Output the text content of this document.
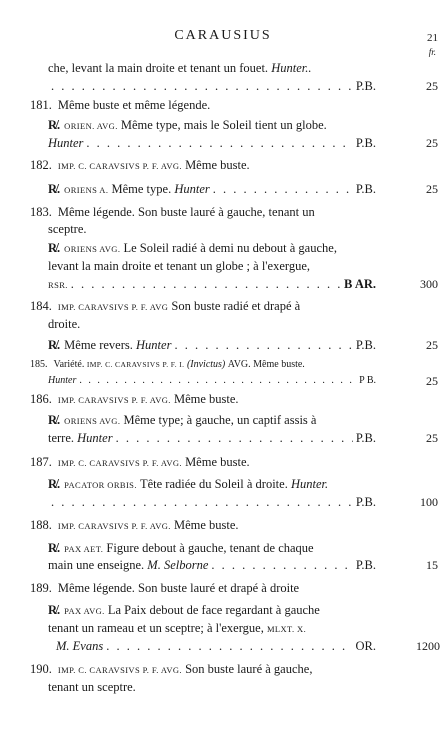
CARAUSIUS	21
fr.
che, levant la main droite et tenant un fouet.
Hunter..
. . .
P.B.	25
181. Même buste et même légende.
R̸. ORIEN. AVG.
Même type, mais le Soleil tient un globe.
Hunter . . .	P.B.	25
182. IMP. C. CARAVSIVS P. F. AVG.
Même buste.
R̸. ORIENS A.
Même type.
Hunter . . .	P.B.	25
183. Même légende. Son buste lauré à gauche, tenant un
sceptre.
R̸. ORIENS AVG.
Le Soleil radié à demi nu debout à gauche,
levant la main droite et tenant un globe ; à l'exergue,
RSR. . . .	B AR.	300
184. IMP. CARAVSIVS P. F. AVG
Son buste radié et drapé à
droite.
R̸. Même revers.
Hunter . . .	P.B.	25
185. Variété.
IMP. C. CARAVSIVS P. F. I.
(Invictus)
AVG. Même buste.
Hunter . . .	P B.	25
186. IMP. CARAVSIVS P. F. AVG.
Même buste.
R̸. ORIENS AVG.
Même type; à gauche, un captif assis à
terre.
Hunter . . .	P.B.	25
187. IMP. C. CARAVSIVS P. F. AVG.
Même buste.
R̸. PACATOR ORBIS.
Tête radiée du Soleil à droite.
Hunter.
. . .
P.B.	100
188. IMP. CARAVSIVS P. F. AVG.
Même buste.
R̸. PAX AET.
Figure debout à gauche, tenant de chaque
main une enseigne.
M. Selborne . . .	P.B.	15
189. Même légende. Son buste lauré et drapé à droite
R̸. PAX AVG.
La Paix debout de face regardant à gauche
tenant un rameau et un sceptre; à l'exergue,
MLXT. X.
M. Evans . . .	OR.	1200
190. IMP. C. CARAVSIVS P. F. AVG.
Son buste lauré à gauche,
tenant un sceptre.
